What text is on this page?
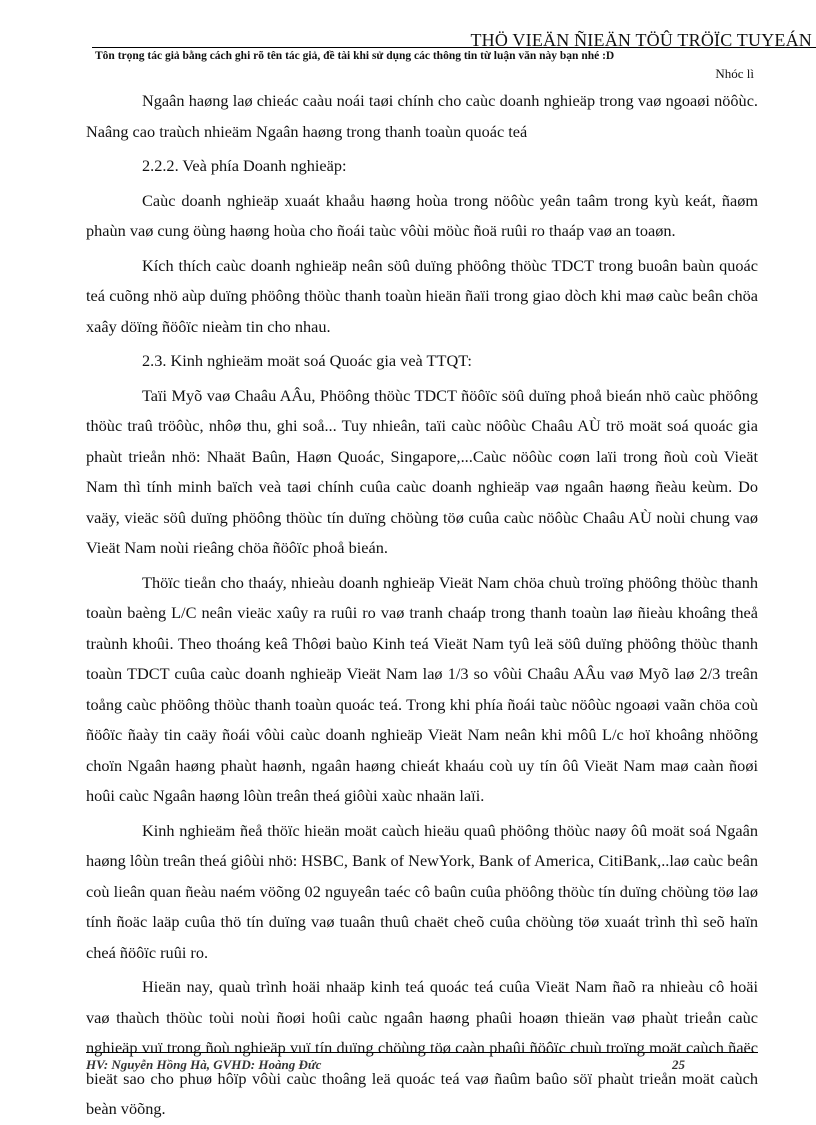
THÖ VIEÄN ÑIEÄN TÖÛ TRÖÏC TUYEÁN
Tôn trọng tác giả bằng cách ghi rõ tên tác giả, đề tài khi sử dụng các thông tin từ luận văn này bạn nhé :D
Nhóc lì

Ngaân haøng laø chieác caàu noái taøi chính cho caùc doanh nghieäp trong vaø ngoaøi nöôùc. Naâng cao traùch nhieäm Ngaân haøng trong thanh toaùn quoác teá

2.2.2. Veà phía Doanh nghieäp:

Caùc doanh nghieäp xuaát khaåu haøng hoùa trong nöôùc yeân taâm trong kyù keát, ñaøm phaùn vaø cung öùng haøng hoùa cho ñoái taùc vôùi möùc ñoä ruûi ro thaáp vaø an toaøn.

Kích thích caùc doanh nghieäp neân söû duïng phöông thöùc TDCT trong buoân baùn quoác teá cuõng nhö aùp duïng phöông thöùc thanh toaùn hieän ñaïi trong giao dòch khi maø caùc beân chöa xaây döïng ñöôïc nieàm tin cho nhau.

2.3. Kinh nghieäm moät soá Quoác gia veà TTQT:

Taïi Myõ vaø Chaâu AÂu, Phöông thöùc TDCT ñöôïc söû duïng phoå bieán nhö caùc phöông thöùc traû tröôùc, nhôø thu, ghi soå... Tuy nhieân, taïi caùc nöôùc Chaâu AÙ trö moät soá quoác gia phaùt trieån nhö: Nhaät Baûn, Haøn Quoác, Singapore,...Caùc nöôùc coøn laïi trong ñoù coù Vieät Nam thì tính minh baïch veà taøi chính cuûa caùc doanh nghieäp vaø ngaân haøng ñeàu keùm. Do vaäy, vieäc söû duïng phöông thöùc tín duïng chöùng töø cuûa caùc nöôùc Chaâu AÙ noùi chung vaø Vieät Nam noùi rieâng chöa ñöôïc phoå bieán.

Thöïc tieån cho thaáy, nhieàu doanh nghieäp Vieät Nam chöa chuù troïng phöông thöùc thanh toaùn baèng L/C neân vieäc xaûy ra ruûi ro vaø tranh chaáp trong thanh toaùn laø ñieàu khoâng theå traùnh khoûi. Theo thoáng keâ Thôøi baùo Kinh teá Vieät Nam tyû leä söû duïng phöông thöùc thanh toaùn TDCT cuûa caùc doanh nghieäp Vieät Nam laø 1/3 so vôùi Chaâu AÂu vaø Myõ laø 2/3 treân toång caùc phöông thöùc thanh toaùn quoác teá. Trong khi phía ñoái taùc nöôùc ngoaøi vaãn chöa coù ñöôïc ñaày tin caäy ñoái vôùi caùc doanh nghieäp Vieät Nam neân khi môû L/c hoï khoâng nhöõng choïn Ngaân haøng phaùt haønh, ngaân haøng chieát khaáu coù uy tín ôû Vieät Nam maø caàn ñoøi hoûi caùc Ngaân haøng lôùn treân theá giôùi xaùc nhaän laïi.

Kinh nghieäm ñeå thöïc hieän moät caùch hieäu quaû phöông thöùc naøy ôû moät soá Ngaân haøng lôùn treân theá giôùi nhö: HSBC, Bank of NewYork, Bank of America, CitiBank,..laø caùc beân coù lieân quan ñeàu naém vöõng 02 nguyeân taéc cô baûn cuûa phöông thöùc tín duïng chöùng töø laø tính ñoäc laäp cuûa thö tín duïng vaø tuaân thuû chaët cheõ cuûa chöùng töø xuaát trình thì seõ haïn cheá ñöôïc ruûi ro.

Hieän nay, quaù trình hoäi nhaäp kinh teá quoác teá cuûa Vieät Nam ñaõ ra nhieàu cô hoäi vaø thaùch thöùc toùi noùi ñoøi hoûi caùc ngaân haøng phaûi hoaøn thieän vaø phaùt trieån caùc nghieäp vuï trong ñoù nghieäp vuï tín duïng chöùng töø caàn phaûi ñöôïc chuù troïng moät caùch ñaëc bieät sao cho phuø hôïp vôùi caùc thoâng leä quoác teá vaø ñaûm baûo söï phaùt trieån moät caùch beàn vöõng.

HV: Nguyễn Hồng Hà, GVHD: Hoàng Đức	25
